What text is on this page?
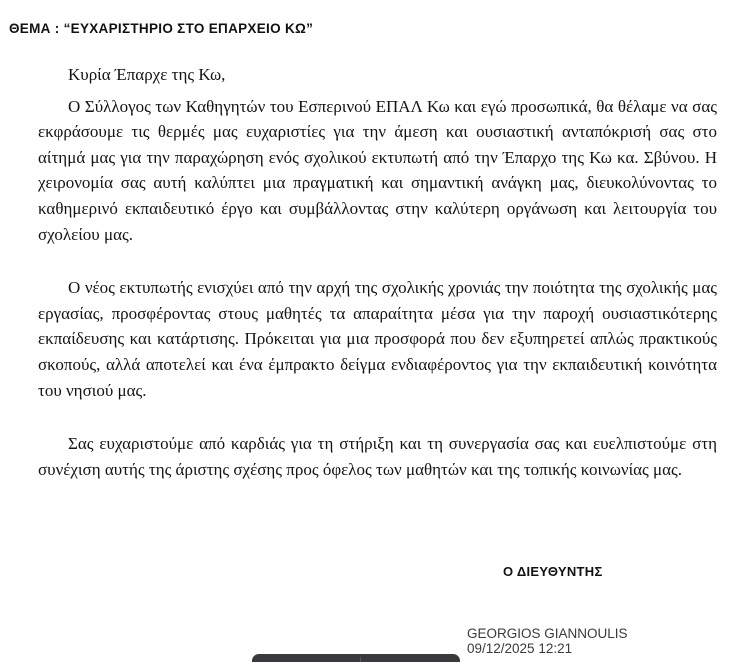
ΘΕΜΑ : “ΕΥΧΑΡΙΣΤΗΡΙΟ ΣΤΟ ΕΠΑΡΧΕΙΟ ΚΩ”

Κυρία Έπαρχε της Κω,

Ο Σύλλογος των Καθηγητών του Εσπερινού ΕΠΑΛ Κω και εγώ προσωπικά, θα θέλαμε να σας εκφράσουμε τις θερμές μας ευχαριστίες για την άμεση και ουσιαστική ανταπόκρισή σας στο αίτημά μας για την παραχώρηση ενός σχολικού εκτυπωτή από την Έπαρχο της Κω κα. Σβύνου. Η χειρονομία σας αυτή καλύπτει μια πραγματική και σημαντική ανάγκη μας, διευκολύνοντας το καθημερινό εκπαιδευτικό έργο και συμβάλλοντας στην καλύτερη οργάνωση και λειτουργία του σχολείου μας.

Ο νέος εκτυπωτής ενισχύει από την αρχή της σχολικής χρονιάς την ποιότητα της σχολικής μας εργασίας, προσφέροντας στους μαθητές τα απαραίτητα μέσα για την παροχή ουσιαστικότερης εκπαίδευσης και κατάρτισης. Πρόκειται για μια προσφορά που δεν εξυπηρετεί απλώς πρακτικούς σκοπούς, αλλά αποτελεί και ένα έμπρακτο δείγμα ενδιαφέροντος για την εκπαιδευτική κοινότητα του νησιού μας.

Σας ευχαριστούμε από καρδιάς για τη στήριξη και τη συνεργασία σας και ευελπιστούμε στη συνέχιση αυτής της άριστης σχέσης προς όφελος των μαθητών και της τοπικής κοινωνίας μας.

Ο ΔΙΕΥΘΥΝΤΗΣ
GEORGIOS GIANNOULIS
09/12/2025 12:21
